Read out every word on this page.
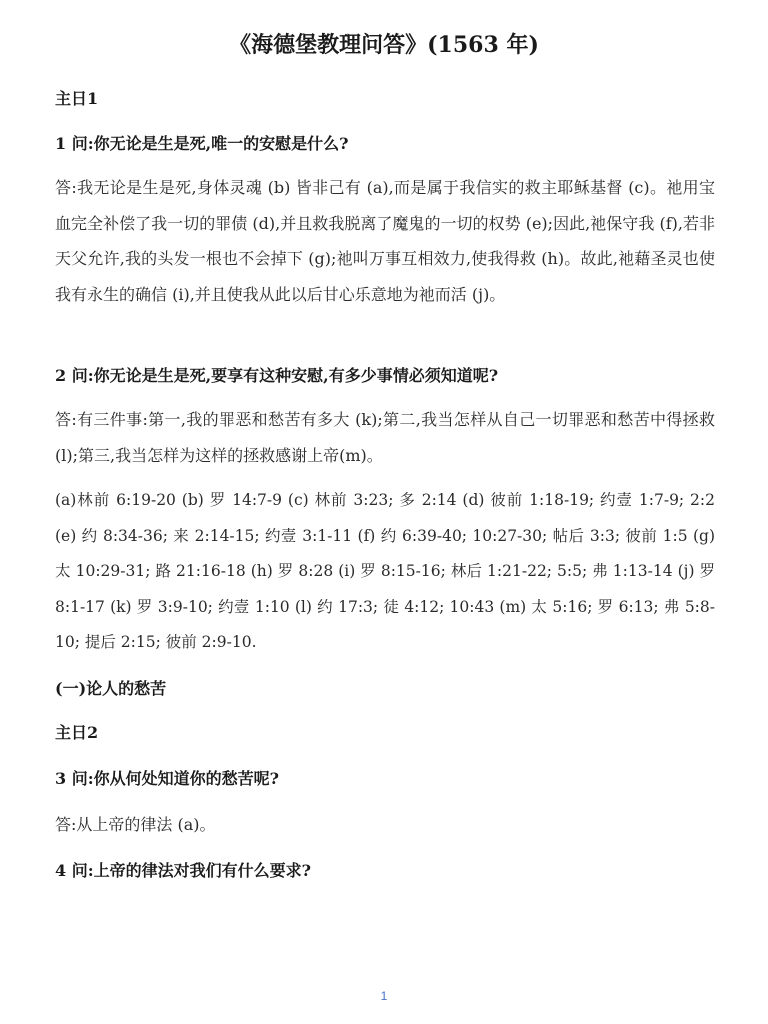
《海德堡教理问答》(1563 年)
主日1
1 问:你无论是生是死,唯一的安慰是什么?

答:我无论是生是死,身体灵魂 (b) 皆非己有 (a),而是属于我信实的救主耶稣基督 (c)。祂用宝血完全补偿了我一切的罪债 (d),并且救我脱离了魔鬼的一切的权势 (e);因此,祂保守我 (f),若非天父允许,我的头发一根也不会掉下 (g);祂叫万事互相效力,使我得救 (h)。故此,祂藉圣灵也使我有永生的确信 (i),并且使我从此以后甘心乐意地为祂而活 (j)。

2 问:你无论是生是死,要享有这种安慰,有多少事情必须知道呢?

答:有三件事:第一,我的罪恶和愁苦有多大 (k);第二,我当怎样从自己一切罪恶和愁苦中得拯救 (l);第三,我当怎样为这样的拯救感谢上帝(m)。

(a)林前 6:19-20 (b) 罗 14:7-9 (c) 林前 3:23; 多 2:14 (d) 彼前 1:18-19; 约壹 1:7-9; 2:2 (e) 约 8:34-36; 来 2:14-15; 约壹 3:1-11 (f) 约 6:39-40; 10:27-30; 帖后 3:3; 彼前 1:5 (g) 太 10:29-31; 路 21:16-18 (h) 罗 8:28 (i) 罗 8:15-16; 林后 1:21-22; 5:5; 弗 1:13-14 (j) 罗 8:1-17 (k) 罗 3:9-10; 约壹 1:10 (l) 约 17:3; 徒 4:12; 10:43 (m) 太 5:16; 罗 6:13; 弗 5:8-10; 提后 2:15; 彼前 2:9-10.

(一)论人的愁苦
主日2
3 问:你从何处知道你的愁苦呢?
答:从上帝的律法 (a)。
4 问:上帝的律法对我们有什么要求?
1
